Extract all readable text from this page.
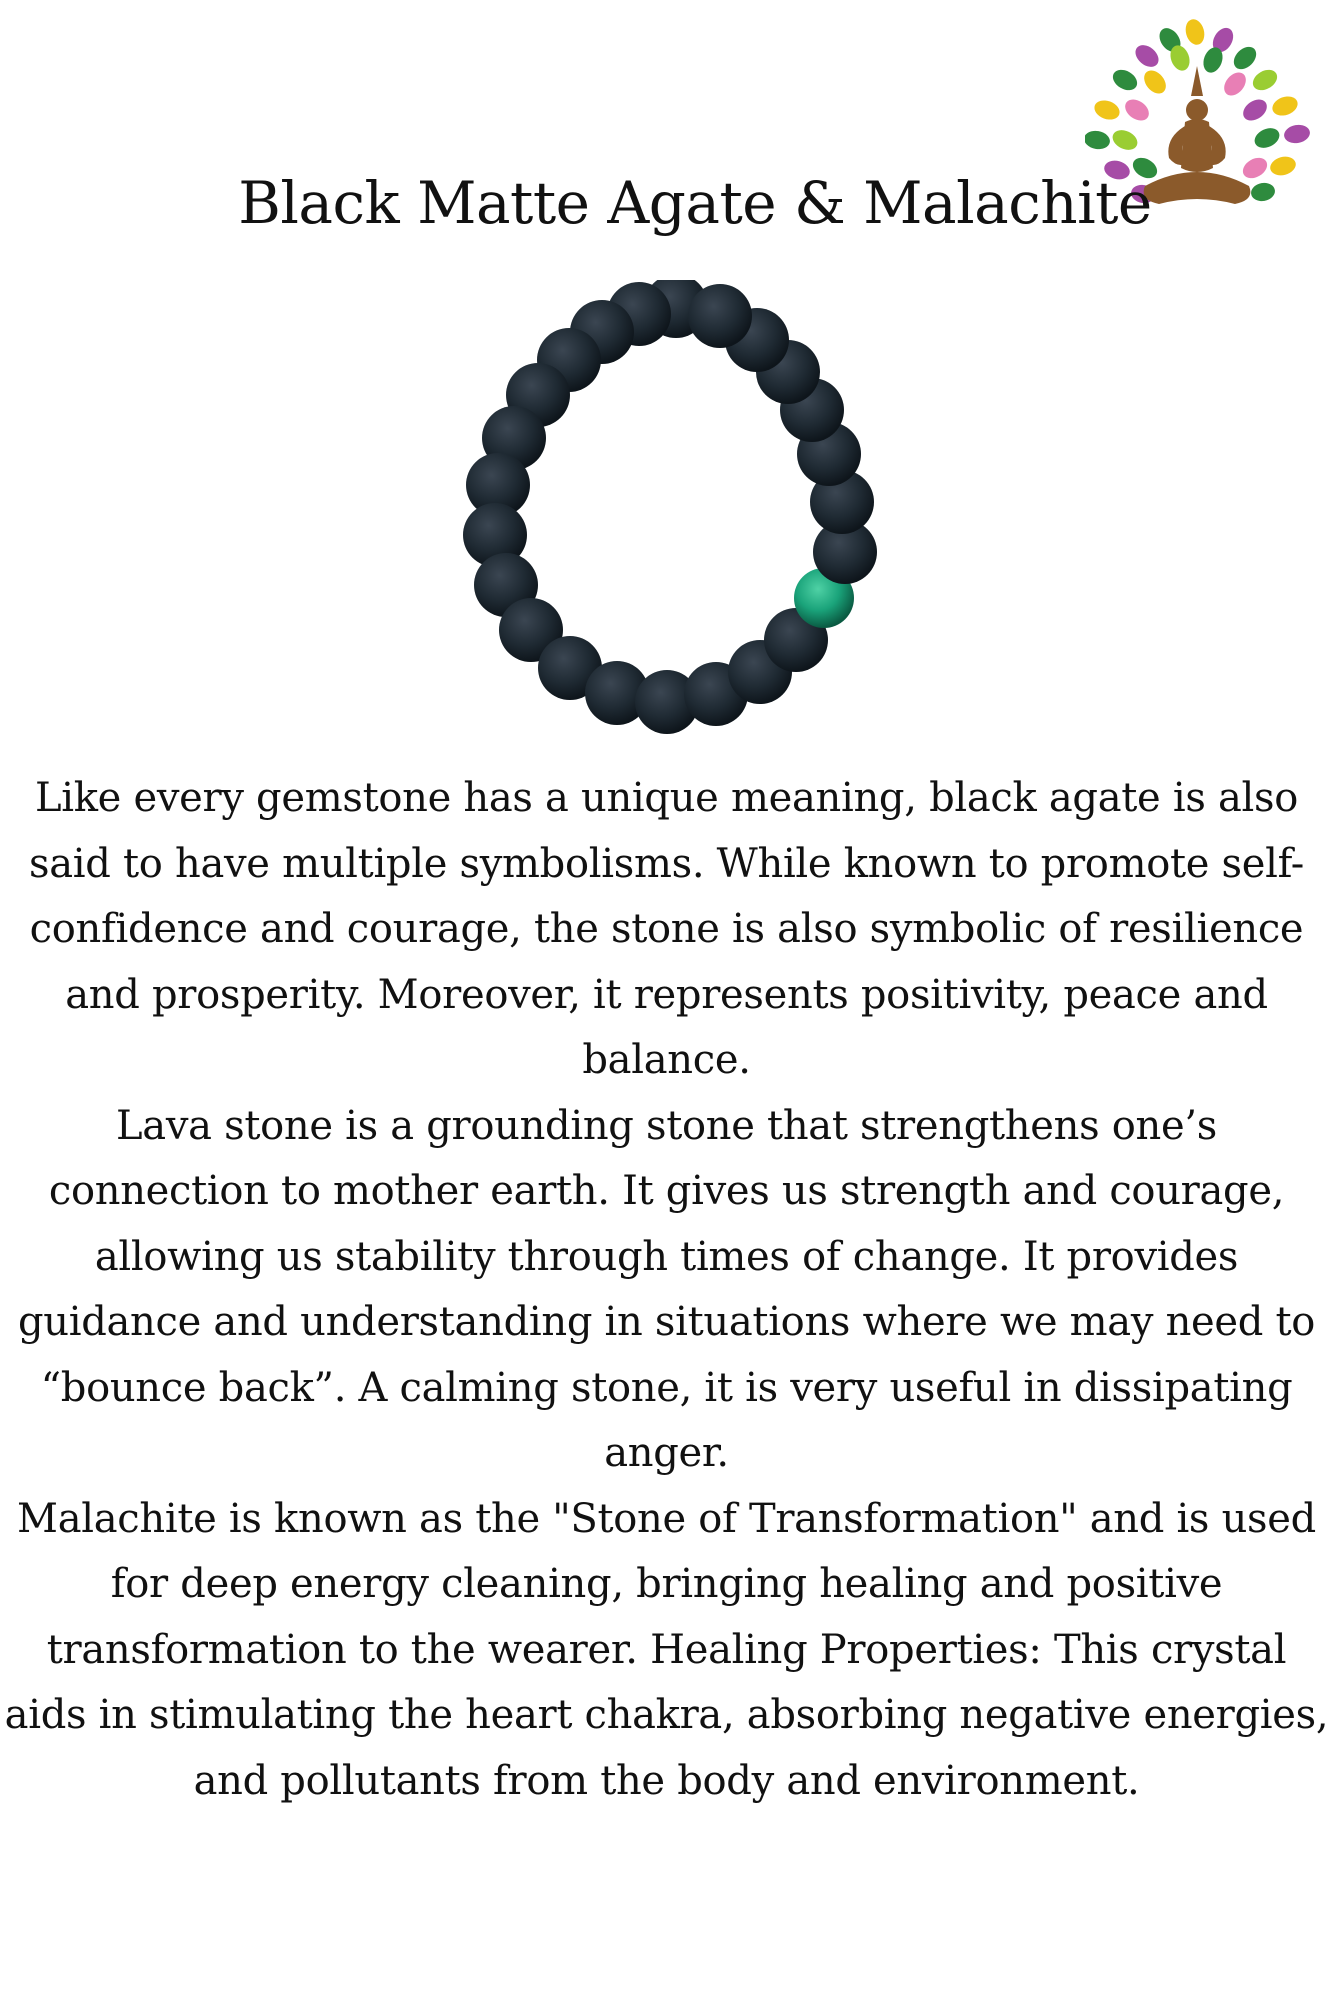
Black Matte Agate & Malachite

Like every gemstone has a unique meaning, black agate is also said to have multiple symbolisms. While known to promote self-confidence and courage, the stone is also symbolic of resilience and prosperity. Moreover, it represents positivity, peace and balance.

Lava stone is a grounding stone that strengthens one’s connection to mother earth. It gives us strength and courage, allowing us stability through times of change. It provides guidance and understanding in situations where we may need to “bounce back”. A calming stone, it is very useful in dissipating anger.

Malachite is known as the "Stone of Transformation" and is used for deep energy cleaning, bringing healing and positive transformation to the wearer. Healing Properties: This crystal aids in stimulating the heart chakra, absorbing negative energies, and pollutants from the body and environment.
